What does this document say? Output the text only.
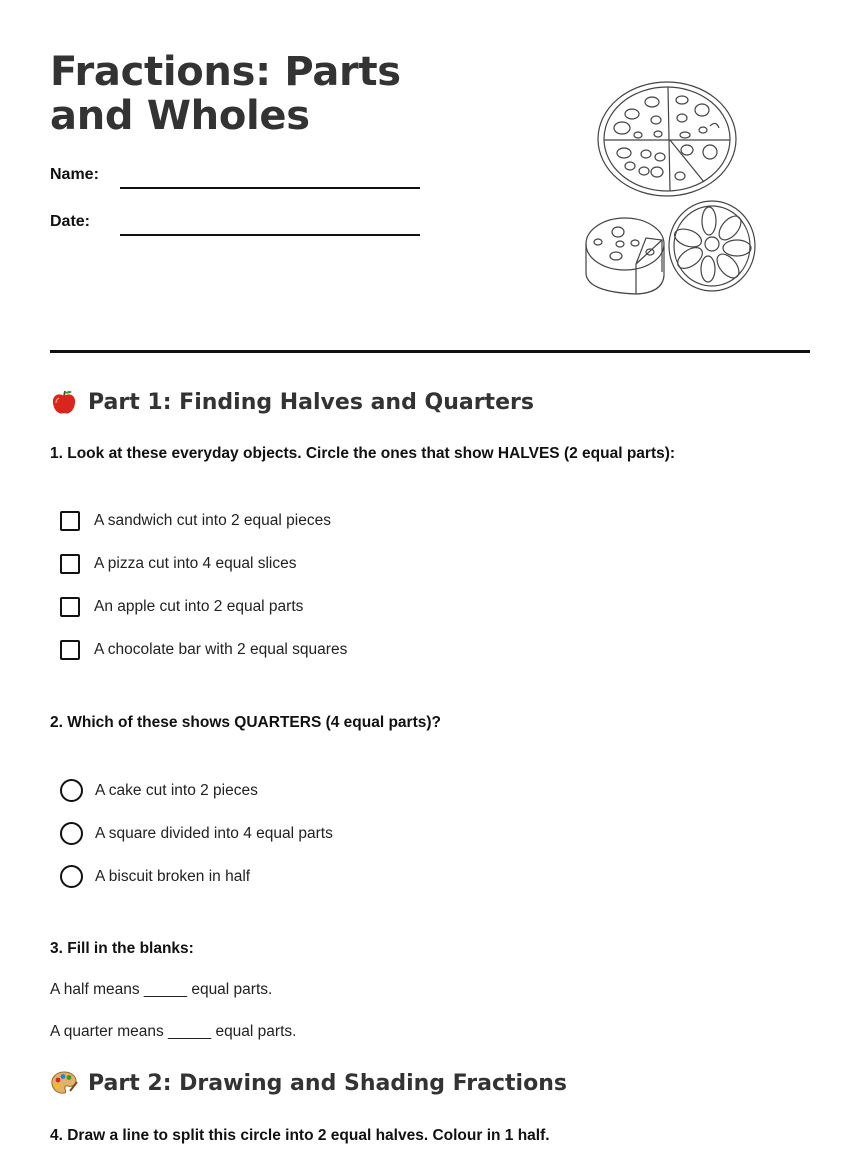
Fractions: Parts and Wholes
Name:
Date:
Part 1: Finding Halves and Quarters

1. Look at these everyday objects. Circle the ones that show HALVES (2 equal parts):

A sandwich cut into 2 equal pieces
A pizza cut into 4 equal slices
An apple cut into 2 equal parts
A chocolate bar with 2 equal squares

2. Which of these shows QUARTERS (4 equal parts)?

A cake cut into 2 pieces
A square divided into 4 equal parts
A biscuit broken in half

3. Fill in the blanks:

A half means _____ equal parts.
A quarter means _____ equal parts.
Part 2: Drawing and Shading Fractions

4. Draw a line to split this circle into 2 equal halves. Colour in 1 half.
